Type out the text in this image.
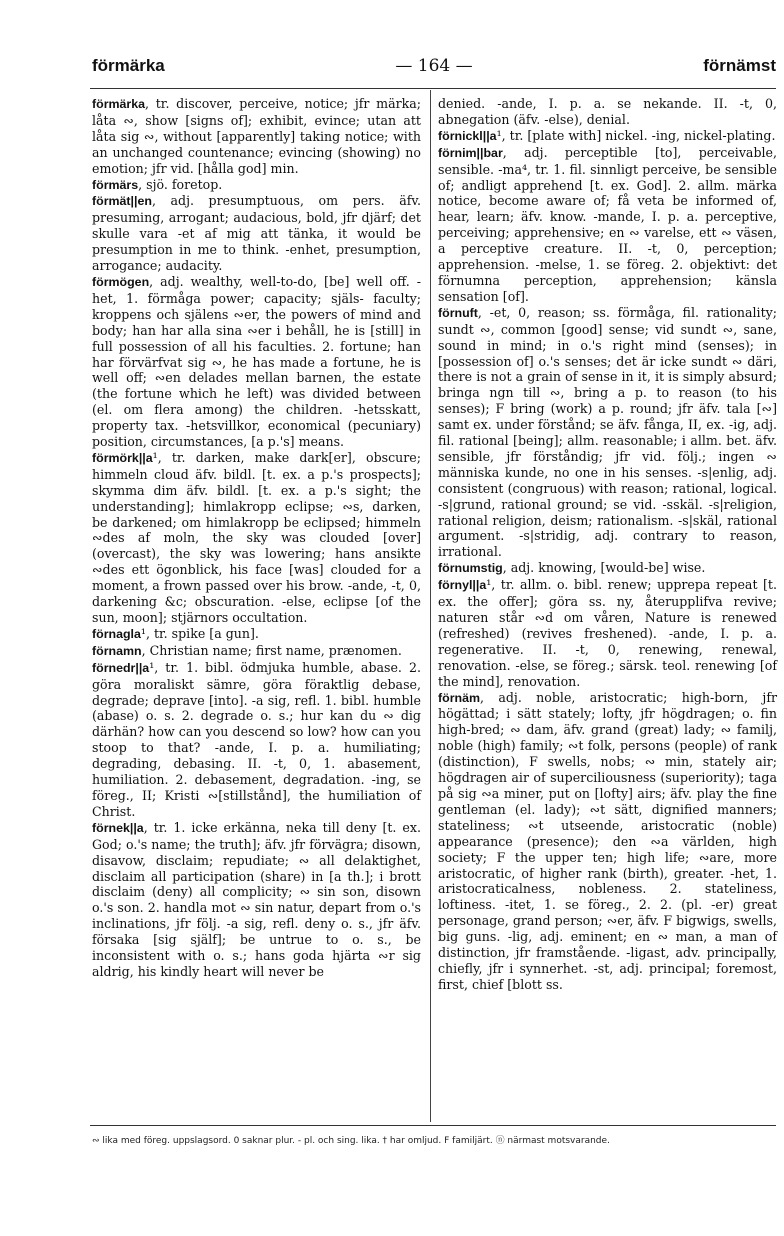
förmärka	— 164 —	förnämst

förmärka, tr. discover, perceive, notice; jfr märka; låta ∾, show [signs of]; exhibit, evince; utan att låta sig ∾, without [apparently] taking notice; with an unchanged countenance; evincing (showing) no emotion; jfr vid. [hålla god] min.

förmärs, sjö. foretop.

förmät||en, adj. presumptuous, om pers. äfv. presuming, arrogant; audacious, bold, jfr djärf; det skulle vara -et af mig att tänka, it would be presumption in me to think. -enhet, presumption, arrogance; audacity.

förmögen, adj. wealthy, well-to-do, [be] well off. -het, 1. förmåga power; capacity; själs- faculty; kroppens och själens ∾er, the powers of mind and body; han har alla sina ∾er i behåll, he is [still] in full possession of all his faculties. 2. fortune; han har förvärfvat sig ∾, he has made a fortune, he is well off; ∾en delades mellan barnen, the estate (the fortune which he left) was divided between (el. om flera among) the children. -hetsskatt, property tax. -hetsvillkor, economical (pecuniary) position, circumstances, [a p.'s] means.

förmörk||a¹, tr. darken, make dark[er], obscure; himmeln cloud äfv. bildl. [t. ex. a p.'s prospects]; skymma dim äfv. bildl. [t. ex. a p.'s sight; the understanding]; himlakropp eclipse; ∾s, darken, be darkened; om himlakropp be eclipsed; himmeln ∾des af moln, the sky was clouded [over] (overcast), the sky was lowering; hans ansikte ∾des ett ögonblick, his face [was] clouded for a moment, a frown passed over his brow. -ande, -t, 0, darkening &c; obscuration. -else, eclipse [of the sun, moon]; stjärnors occultation.

förnagla¹, tr. spike [a gun].

förnamn, Christian name; first name, prænomen.

förnedr||a¹, tr. 1. bibl. ödmjuka humble, abase. 2. göra moraliskt sämre, göra föraktlig debase, degrade; deprave [into]. -a sig, refl. 1. bibl. humble (abase) o. s. 2. degrade o. s.; hur kan du ∾ dig därhän? how can you descend so low? how can you stoop to that? -ande, I. p. a. humiliating; degrading, debasing. II. -t, 0, 1. abasement, humiliation. 2. debasement, degradation. -ing, se föreg., II; Kristi ∾[stillstånd], the humiliation of Christ.

förnek||a, tr. 1. icke erkänna, neka till deny [t. ex. God; o.'s name; the truth]; äfv. jfr förvägra; disown, disavow, disclaim; repudiate; ∾ all delaktighet, disclaim all participation (share) in [a th.]; i brott disclaim (deny) all complicity; ∾ sin son, disown o.'s son. 2. handla mot ∾ sin natur, depart from o.'s inclinations, jfr följ. -a sig, refl. deny o. s., jfr äfv. försaka [sig själf]; be untrue to o. s., be inconsistent with o. s.; hans goda hjärta ∾r sig aldrig, his kindly heart will never be

denied. -ande, I. p. a. se nekande. II. -t, 0, abnegation (äfv. -else), denial.

förnickl||a¹, tr. [plate with] nickel. -ing, nickel-plating.

förnim||bar, adj. perceptible [to], perceivable, sensible. -ma⁴, tr. 1. fil. sinnligt perceive, be sensible of; andligt apprehend [t. ex. God]. 2. allm. märka notice, become aware of; få veta be informed of, hear, learn; äfv. know. -mande, I. p. a. perceptive, perceiving; apprehensive; en ∾ varelse, ett ∾ väsen, a perceptive creature. II. -t, 0, perception; apprehension. -melse, 1. se föreg. 2. objektivt: det förnumna perception, apprehension; känsla sensation [of].

förnuft, -et, 0, reason; ss. förmåga, fil. rationality; sundt ∾, common [good] sense; vid sundt ∾, sane, sound in mind; in o.'s right mind (senses); in [possession of] o.'s senses; det är icke sundt ∾ däri, there is not a grain of sense in it, it is simply absurd; bringa ngn till ∾, bring a p. to reason (to his senses); F bring (work) a p. round; jfr äfv. tala [∾] samt ex. under förstånd; se äfv. fånga, II, ex. -ig, adj. fil. rational [being]; allm. reasonable; i allm. bet. äfv. sensible, jfr förståndig; jfr vid. följ.; ingen ∾ människa kunde, no one in his senses. -s|enlig, adj. consistent (congruous) with reason; rational, logical. -s|grund, rational ground; se vid. -sskäl. -s|religion, rational religion, deism; rationalism. -s|skäl, rational argument. -s|stridig, adj. contrary to reason, irrational.

förnumstig, adj. knowing, [would-be] wise.

förnyl||a¹, tr. allm. o. bibl. renew; upprepa repeat [t. ex. the offer]; göra ss. ny, återupplifva revive; naturen står ∾d om våren, Nature is renewed (refreshed) (revives freshened). -ande, I. p. a. regenerative. II. -t, 0, renewing, renewal, renovation. -else, se föreg.; särsk. teol. renewing [of the mind], renovation.

förnäm, adj. noble, aristocratic; high-born, jfr högättad; i sätt stately; lofty, jfr högdragen; o. fin high-bred; ∾ dam, äfv. grand (great) lady; ∾ familj, noble (high) family; ∾t folk, persons (people) of rank (distinction), F swells, nobs; ∾ min, stately air; högdragen air of superciliousness (superiority); taga på sig ∾a miner, put on [lofty] airs; äfv. play the fine gentleman (el. lady); ∾t sätt, dignified manners; stateliness; ∾t utseende, aristocratic (noble) appearance (presence); den ∾a världen, high society; F the upper ten; high life; ∾are, more aristocratic, of higher rank (birth), greater. -het, 1. aristocraticalness, nobleness. 2. stateliness, loftiness. -itet, 1. se föreg., 2. 2. (pl. -er) great personage, grand person; ∾er, äfv. F bigwigs, swells, big guns. -lig, adj. eminent; en ∾ man, a man of distinction, jfr framstående. -ligast, adv. principally, chiefly, jfr i synnerhet. -st, adj. principal; foremost, first, chief [blott ss.

∾ lika med föreg. uppslagsord. 0 saknar plur. - pl. och sing. lika. † har omljud. F familjärt. ⓝ närmast motsvarande.
